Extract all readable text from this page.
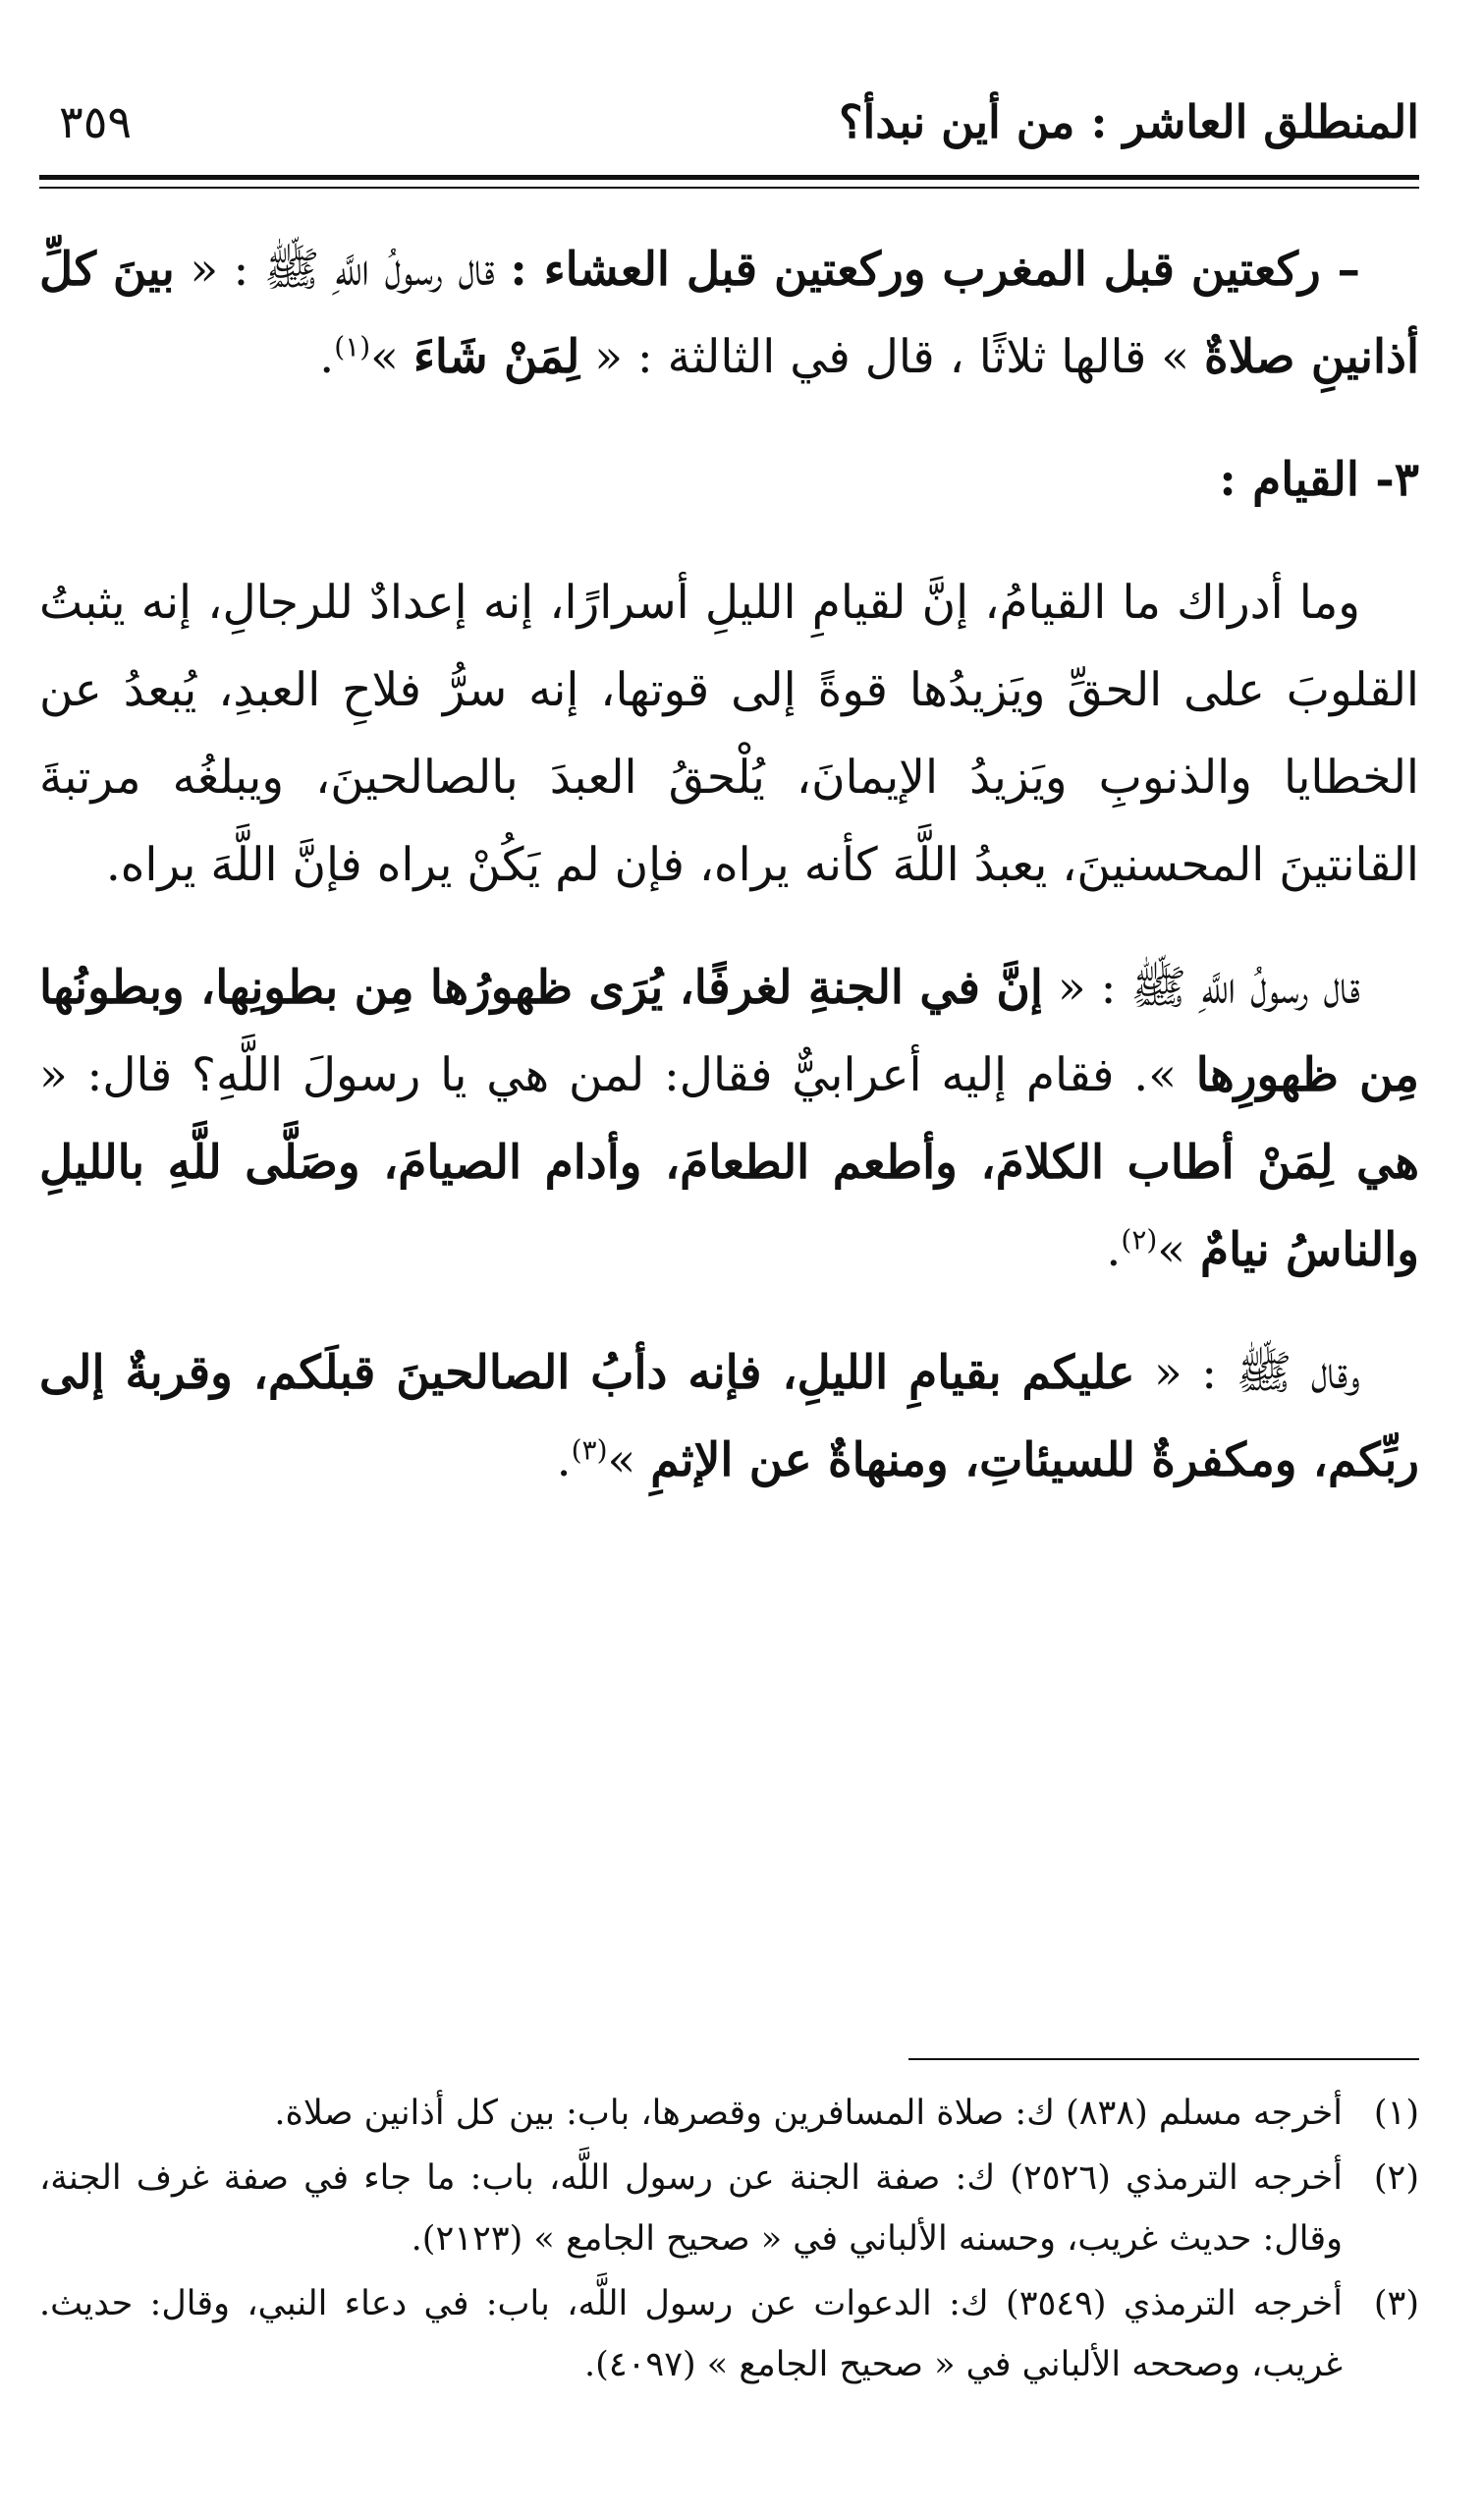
المنطلق العاشر : من أين نبدأ؟
٣٥٩

– ركعتين قبل المغرب وركعتين قبل العشاء : قال رسولُ اللَّهِ ﷺ : « بينَ كلِّ أذانينِ صلاةٌ » قالها ثلاثًا ، قال في الثالثة : « لِمَنْ شَاءَ »$^{(١)}$.

٣- القيام :

وما أدراك ما القيامُ، إنَّ لقيامِ الليلِ أسرارًا، إنه إعدادٌ للرجالِ، إنه يثبتُ القلوبَ على الحقِّ ويَزيدُها قوةً إلى قوتها، إنه سرُّ فلاحِ العبدِ، يُبعدُ عن الخطايا والذنوبِ ويَزيدُ الإيمانَ، يُلْحقُ العبدَ بالصالحينَ، ويبلغُه مرتبةَ القانتينَ المحسنينَ، يعبدُ اللَّهَ كأنه يراه، فإن لم يَكُنْ يراه فإنَّ اللَّهَ يراه.

قال رسولُ اللَّهِ ﷺ : « إنَّ في الجنةِ لغرفًا، يُرَى ظهورُها مِن بطونِها، وبطونُها مِن ظهورِها ». فقام إليه أعرابيٌّ فقال: لمن هي يا رسولَ اللَّهِ؟ قال: « هي لِمَنْ أطاب الكلامَ، وأطعم الطعامَ، وأدام الصيامَ، وصَلَّى للَّهِ بالليلِ والناسُ نيامٌ »$^{(٢)}$.

وقال ﷺ : « عليكم بقيامِ الليلِ، فإنه دأبُ الصالحينَ قبلَكم، وقربةٌ إلى ربِّكم، ومكفرةٌ للسيئاتِ، ومنهاةٌ عن الإثمِ »$^{(٣)}$.

(١)
أخرجه مسلم (٨٣٨) ك: صلاة المسافرين وقصرها، باب: بين كل أذانين صلاة.
(٢)
أخرجه الترمذي (٢٥٢٦) ك: صفة الجنة عن رسول اللَّه، باب: ما جاء في صفة غرف الجنة، وقال: حديث غريب، وحسنه الألباني في « صحيح الجامع » (٢١٢٣).
(٣)
أخرجه الترمذي (٣٥٤٩) ك: الدعوات عن رسول اللَّه، باب: في دعاء النبي، وقال: حديث. غريب، وصححه الألباني في « صحيح الجامع » (٤٠٩٧).
